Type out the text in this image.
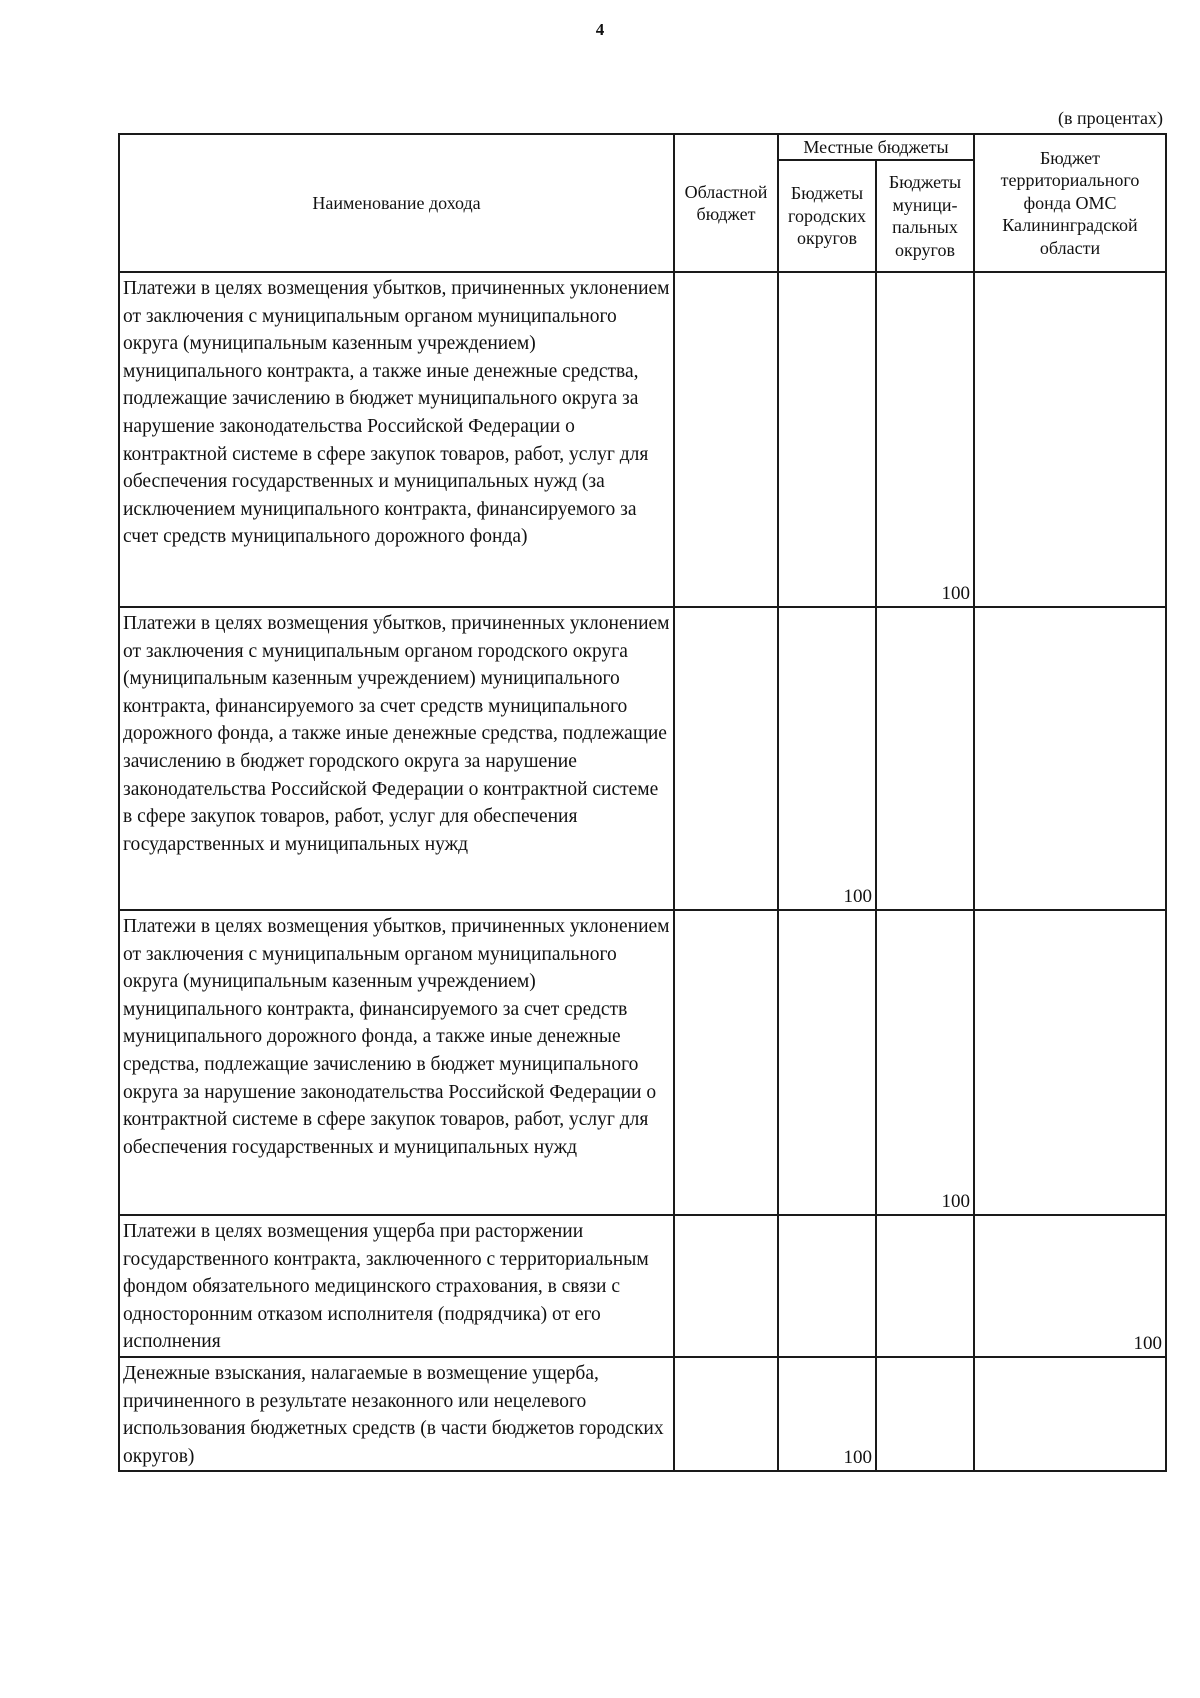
4
(в процентах)
Наименование дохода	Областной бюджет	Местные бюджеты		Бюджет территориального фонда ОМС Калининградской области
		Бюджеты городских округов	Бюджеты муници-пальных округов	
Платежи в целях возмещения убытков, причиненных уклонением от заключения с муниципальным органом муниципального округа (муниципальным казенным учреждением) муниципального контракта, а также иные денежные средства, подлежащие зачислению в бюджет муниципального округа за нарушение законодательства Российской Федерации о контрактной системе в сфере закупок товаров, работ, услуг для обеспечения государственных и муниципальных нужд (за исключением муниципального контракта, финансируемого за счет средств муниципального дорожного фонда)			100	
Платежи в целях возмещения убытков, причиненных уклонением от заключения с муниципальным органом городского округа (муниципальным казенным учреждением) муниципального контракта, финансируемого за счет средств муниципального дорожного фонда, а также иные денежные средства, подлежащие зачислению в бюджет городского округа за нарушение законодательства Российской Федерации о контрактной системе в сфере закупок товаров, работ, услуг для обеспечения государственных и муниципальных нужд		100		
Платежи в целях возмещения убытков, причиненных уклонением от заключения с муниципальным органом муниципального округа (муниципальным казенным учреждением) муниципального контракта, финансируемого за счет средств муниципального дорожного фонда, а также иные денежные средства, подлежащие зачислению в бюджет муниципального округа за нарушение законодательства Российской Федерации о контрактной системе в сфере закупок товаров, работ, услуг для обеспечения государственных и муниципальных нужд			100	
Платежи в целях возмещения ущерба при расторжении государственного контракта, заключенного с территориальным фондом обязательного медицинского страхования, в связи с односторонним отказом исполнителя (подрядчика) от его исполнения				100
Денежные взыскания, налагаемые в возмещение ущерба, причиненного в результате незаконного или нецелевого использования бюджетных средств (в части бюджетов городских округов)		100		
